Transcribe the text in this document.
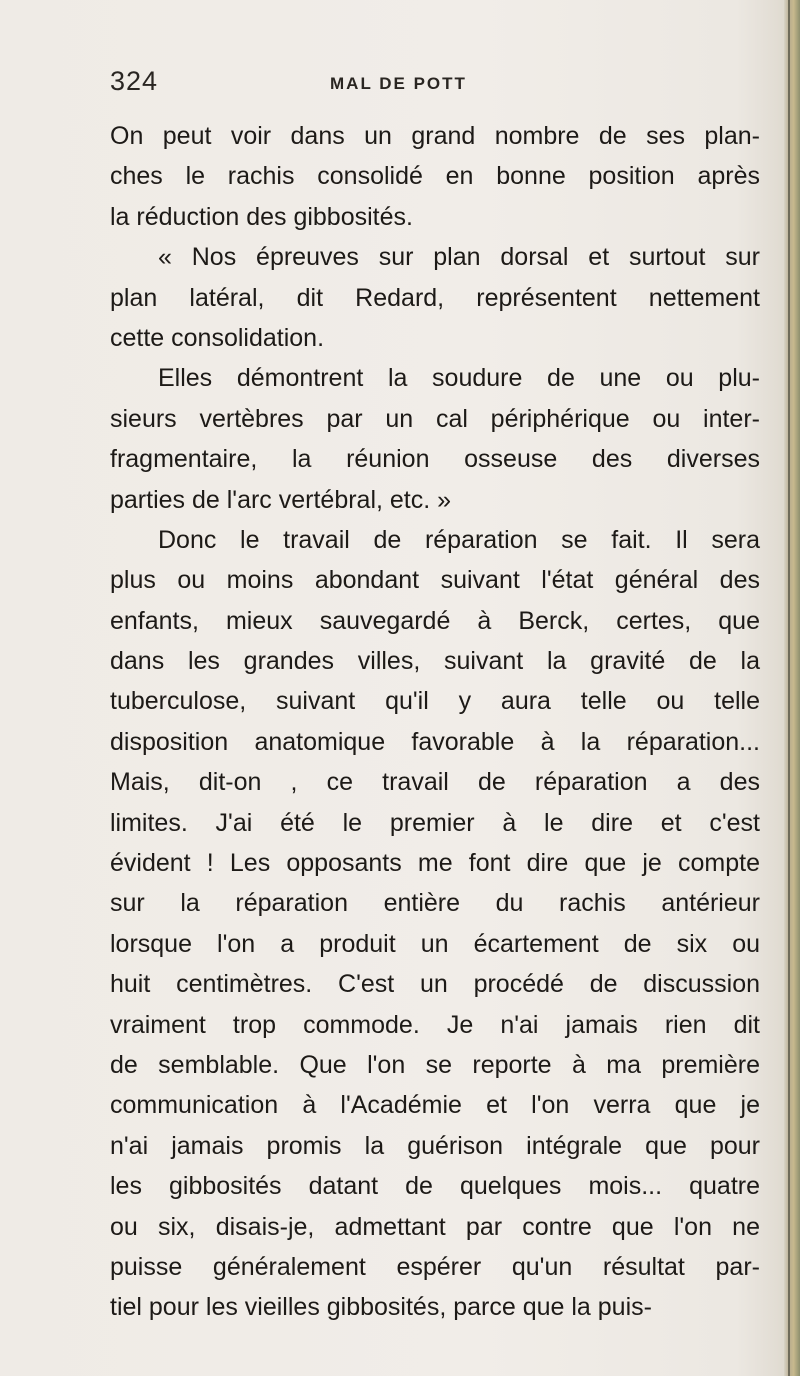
324	MAL DE POTT
On peut voir dans un grand nombre de ses plan-
ches le rachis consolidé en bonne position après
la réduction des gibbosités.
« Nos épreuves sur plan dorsal et surtout sur
plan latéral, dit Redard, représentent nettement
cette consolidation.
Elles démontrent la soudure de une ou plu-
sieurs vertèbres par un cal périphérique ou inter-
fragmentaire, la réunion osseuse des diverses
parties de l'arc vertébral, etc. »
Donc le travail de réparation se fait. Il sera
plus ou moins abondant suivant l'état général des
enfants, mieux sauvegardé à Berck, certes, que
dans les grandes villes, suivant la gravité de la
tuberculose, suivant qu'il y aura telle ou telle
disposition anatomique favorable à la réparation...
Mais, dit-on , ce travail de réparation a des
limites. J'ai été le premier à le dire et c'est
évident ! Les opposants me font dire que je compte
sur la réparation entière du rachis antérieur
lorsque l'on a produit un écartement de six ou
huit centimètres. C'est un procédé de discussion
vraiment trop commode. Je n'ai jamais rien dit
de semblable. Que l'on se reporte à ma première
communication à l'Académie et l'on verra que je
n'ai jamais promis la guérison intégrale que pour
les gibbosités datant de quelques mois... quatre
ou six, disais-je, admettant par contre que l'on ne
puisse généralement espérer qu'un résultat par-
tiel pour les vieilles gibbosités, parce que la puis-
